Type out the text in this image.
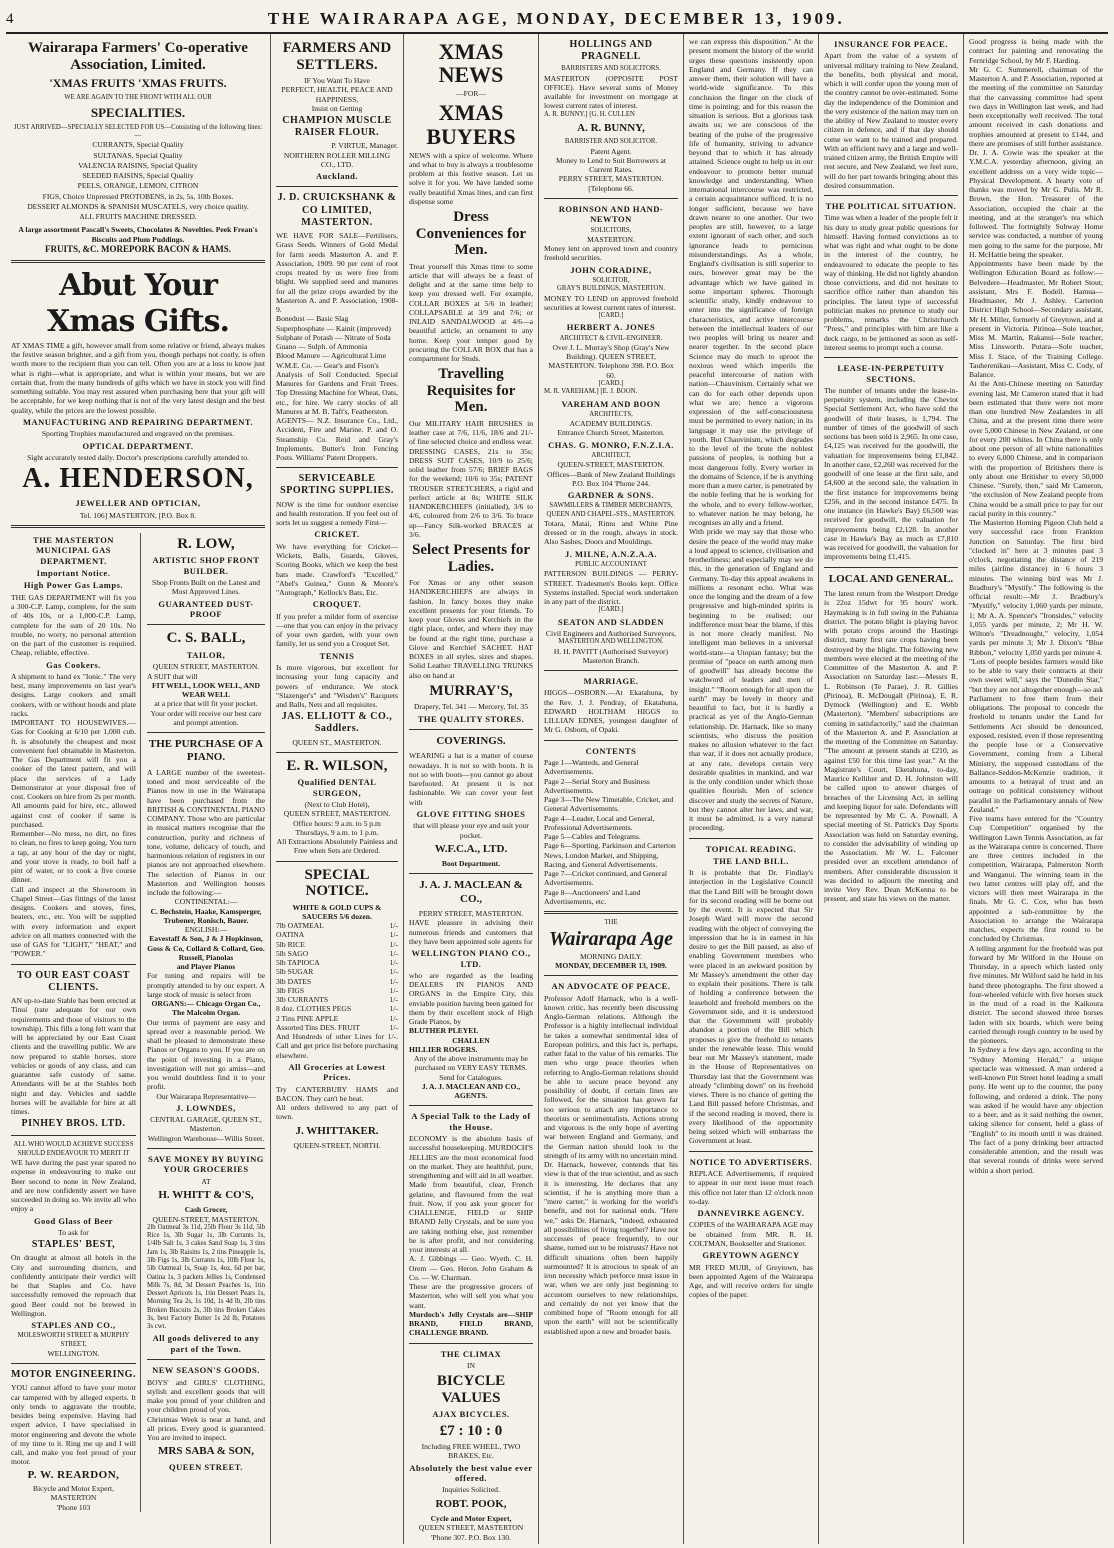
4	THE WAIRARAPA AGE, MONDAY, DECEMBER 13, 1909.
Wairarapa Farmers' Co-operative Association, Limited.
'XMAS FRUITS 'XMAS FRUITS.
WE ARE AGAIN TO THE FRONT WITH ALL OUR
SPECIALITIES.
JUST ARRIVED—SPECIALLY SELECTED FOR US—Consisting of the following lines:—
CURRANTS, Special Quality
SULTANAS, Special Quality
VALENCIA RAISINS, Special Quality
SEEDED RAISINS, Special Quality
PEELS, ORANGE, LEMON, CITRON
FIGS, Choice Unpressed PROTOBENS, in 2s, 5s, 10lb Boxes.
DESSERT ALMONDS & SPANISH MUSCATELS, very choice quality.
ALL FRUITS MACHINE DRESSED.
A large assortment Pascall's Sweets, Chocolates & Novelties. Peek Frean's Biscuits and Plum Puddings.
FRUITS, &C. MOREPORK BACON & HAMS.
Abut Your Xmas Gifts.
AT XMAS TIME a gift, however small from some relative or friend, always makes the festive season brighter, and a gift from you, though perhaps not costly, is often worth more to the recipient than you can tell. Often you are at a loss to know just what is right—what is appropriate, and what is within your means, but we are certain that, from the many hundreds of gifts which we have in stock you will find something suitable. You may rest assured when purchasing here that your gift will be acceptable, for we keep nothing that is not of the very latest design and the best quality, while the prices are the lowest possible.
MANUFACTURING AND REPAIRING DEPARTMENT.
Sporting Trophies manufactured and engraved on the premises.
OPTICAL DEPARTMENT.
Sight accurately tested daily. Doctor's prescriptions carefully attended to.
A. HENDERSON,
JEWELLER AND OPTICIAN,
Tel. 106] MASTERTON, [P.O. Box 8.
THE MASTERTON MUNICIPAL GAS DEPARTMENT.
Important Notice.
High Power Gas Lamps.
THE GAS DEPARTMENT will fix you a 300-C.P. Lamp, complete, for the sum of 40s 10s, or a 1,000-C.P. Lamp, complete for the sum of 20 10s. No trouble, no worry, no personal attention on the part of the customer is required. Cheap, reliable, effective.
Gas Cookers.
A shipment to hand ex "Ionic." The very best, many improvements on last year's designs. Large cookers and small cookers, with or without hoods and plate racks.
IMPORTANT TO HOUSEWIVES.—Gas for Cooking at 6/10 per 1,000 cub. ft. is absolutely the cheapest and most convenient fuel obtainable in Masterton. The Gas Department will fit you a cooker of the latest pattern, and will place the services of a Lady Demonstrator at your disposal free of cost. Cookers on hire from 2s per month. All amounts paid for hire, etc., allowed against cost of cooker if same is purchased.
Remember—No mess, no dirt, no fires to clean, no fires to keep going. You turn a tap, at any hour of the day or night, and your stove is ready, to boil half a pint of water, or to cook a five course dinner.
Call and inspect at the Showroom in Chapel Street—Gas fittings of the latest designs. Cookers and stoves, fires, heaters, etc., etc. You will be supplied with every information and expert advice on all matters connected with the use of GAS for "LIGHT," "HEAT," and "POWER."
TO OUR EAST COAST CLIENTS.
AN up-to-date Stable has been erected at Tinui (rate adequate for our own requirements and those of visitors to the township). This fills a long felt want that will be appreciated by our East Coast clients and the travelling public. We are now prepared to stable horses, store vehicles or goods of any class, and can guarantee safe custody of same. Attendants will be at the Stables both night and day. Vehicles and saddle horses will be available for hire at all times.
PINHEY BROS. LTD.
ALL WHO WOULD ACHIEVE SUCCESS SHOULD ENDEAVOUR TO MERIT IT
WE have during the past year spared no expense in endeavouring to make our Beer second to none in New Zealand, and are now confidently assert we have succeeded in doing so. We invite all who enjoy a
Good Glass of Beer
To ask for
STAPLES' BEST,
On draught at almost all hotels in the City and surrounding districts, and confidently anticipate their verdict will be that Staples and Co. have successfully removed the reproach that good Beer could not be brewed in Wellington.
STAPLES AND CO.,
MOLESWORTH STREET & MURPHY STREET,
WELLINGTON.
MOTOR ENGINEERING.
YOU cannot afford to have your motor car tampered with by alleged experts. It only tends to aggravate the trouble, besides being expensive. Having had expert advice, I have specialised in motor engineering and devote the whole of my time to it. Ring me up and I will call, and make you feel proud of your motor.
P. W. REARDON,
Bicycle and Motor Expert, MASTERTON
'Phone 103
R. LOW,
ARTISTIC SHOP FRONT BUILDER.
Shop Fronts Built on the Latest and Most Approved Lines.
GUARANTEED DUST-PROOF
C. S. BALL,
TAILOR,
QUEEN STREET, MASTERTON.
A SUIT that will
FIT WELL, LOOK WELL, AND WEAR WELL
at a price that will fit your pocket.
Your order will receive our best care and prompt attention.
THE PURCHASE OF A PIANO.
A LARGE number of the sweetest-toned and most serviceable of the Pianos now in use in the Wairarapa have been purchased from the BRITISH & CONTINENTAL PIANO COMPANY. Those who are particular in musical matters recognise that the construction, purity and richness of tone, volume, delicacy of touch, and harmonious relation of registers in our pianos are not approached elsewhere. The selection of Pianos in our Masterton and Wellington houses include the following:—
CONTINENTAL:—
C. Bechstein, Haake, Kamsperger, Trubener, Ronisch, Bauer.
ENGLISH:—
Eavestaff & Son, J & J Hopkinson, Goss & Co, Collard & Collard, Geo. Russell, Pianolas
and Player Pianos
For tuning and repairs will be promptly attended to by our expert. A large stock of music is select from
ORGANS:— Chicago Organ Co., The Malcolm Organ.
Our terms of payment are easy and spread over a reasonable period. We shall be pleased to demonstrate these Pianos or Organs to you. If you are on the point of investing in a Piano, investigation will not go amiss—and you would doubtless find it to your profit.
Our Wairarapa Representative—
J. LOWNDES,
CENTRAL GARAGE, QUEEN ST., Masterton.
Wellington Warehouse—Willis Street.
SAVE MONEY BY BUYING YOUR GROCERIES
AT
H. WHITT & CO'S,
Cash Grocer,
QUEEN-STREET, MASTERTON.
2lb Oatmeal 3s 11d, 25lb Flour 3s 11d, 5lb Rice 1s, 3lb Sugar 1s, 3lb Currants 1s, 1/4lb Salt 1s, 3 cakes Sand Soap 1s, 3 tins Jam 1s, 3lb Raisins 1s, 2 tins Pineapple 1s, 3lb Figs 1s, 3lb Currants 1s, 10lb Flour 1s, 5lb Oatmeal 1s, Soap 1s, 4oz, 6d per bar, Oatina 1s, 3 packets Jellies 1s, Condensed Milk 7s, 8d, 3d Dessert Peaches 1s, 1tin Dessert Apricots 1s, 1tin Dessert Pears 1s, Morning Tea 2s, 1s 10d, 1s 4d lb, 2lb tins Broken Biscuits 2s, 3lb tins Broken Cakes 3s, best Factory Butter 1s 2d lb, Potatoes 3s cwt.
All goods delivered to any part of the Town.
NEW SEASON'S GOODS.
BOYS' and GIRLS' CLOTHING, stylish and excellent goods that will make you proud of your children and your children proud of you.
Christmas Week is near at hand, and all prices. Every good is guaranteed. You are invited to inspect.
MRS SABA & SON,
QUEEN STREET.
FARMERS AND SETTLERS.
IF You Want To Have
PERFECT, HEALTH, PEACE AND HAPPINESS,
Insist on Getting
CHAMPION MUSCLE RAISER FLOUR.
P. VIRTUE, Manager.
NORTHERN ROLLER MILLING CO., LTD.
Auckland.
J. D. CRUICKSHANK & CO LIMITED, MASTERTON.
WE HAVE FOR SALE—Fertilisers, Grass Seeds. Winners of Gold Medal for farm seeds Masterton A. and P. Association, 1909. 90 per cent of root crops treated by us were free from blight. We supplied seed and manures for all the prize crops awarded by the Masterton A. and P. Association, 1908-9.
Bonedust — Basic Slag
Superphosphate — Kainit (improved)
Sulphate of Potash — Nitrate of Soda
Guano — Sulph. of Ammonia
Blood Manure — Agricultural Lime
W.M.E. Co. — Gear's and Fison's
Analysis of Soil Conducted. Special Manures for Gardens and Fruit Trees. Top Dressing Machine for Wheat, Oats, etc., for hire. We carry stocks of all Manures at M. B. Taft's, Featherston.
AGENTS— N.Z. Insurance Co., Ltd., Accident, Fire and Marine. P. and O. Steamship Co. Reid and Gray's Implements. Butter's Iron Fencing Posts. Williams' Patent Droppers.
SERVICEABLE SPORTING SUPPLIES.
NOW is the time for outdoor exercise and health restoration. If you feel out of sorts let us suggest a remedy First—
CRICKET.
We have everything for Cricket—Wickets, Balls, Guards, Gloves, Scoring Books, which we keep the best bats made. Crawford's "Excelled," "Abel's Guinea," Gunn & Moore's "Autograph," Kellock's Bats, Etc.
CROQUET.
If you prefer a milder form of exercise—one that you can enjoy in the privacy of your own garden, with your own family, let us send you a Croquet Set.
TENNIS
Is more vigorous, but excellent for increasing your lung capacity and powers of endurance. We stock "Slazenger's" and "Wisden's" Racquets and Balls, Nets and all requisites.
JAS. ELLIOTT & CO., Saddlers.
QUEEN ST., MASTERTON.
E. R. WILSON,
Qualified DENTAL SURGEON,
(Next to Club Hotel),
QUEEN STREET, MASTERTON.
Office hours: 9 a.m. to 5 p.m Thursdays, 9 a.m. to 1 p.m.
All Extractions Absolutely Painless and Free when Sets are Ordered.
SPECIAL NOTICE.
WHITE & GOLD CUPS & SAUCERS 5/6 dozen.
7lb OATMEAL	1/-
OATINA	1/-
5lb RICE	1/-
5lb SAGO	1/-
5lb TAPIOCA	1/-
5lb SUGAR	1/-
3lb DATES	1/-
3lb FIGS	1/-
3lb CURRANTS	1/-
8 doz. CLOTHES PEGS	1/-
2 Tins PINE APPLE	1/-
Assorted Tins DES. FRUIT	1/-
And Hundreds of other Lines for 1/-. Call and get price list before purchasing elsewhere.
All Groceries at Lowest Prices.
Try CANTERBURY HAMS and BACON. They can't be beat.
All orders delivered to any part of town.
J. WHITTAKER.
QUEEN-STREET, NORTH.
XMAS NEWS
—FOR—
XMAS BUYERS
NEWS with a spice of welcome. Where and what to buy is always a troublesome problem at this festive season. Let us solve it for you. We have landed some really beautiful Xmas lines, and can first dispense some
Dress Conveniences for Men.
Treat yourself this Xmas time to some article that will always be a feast of delight and at the same time help to keep you dressed well. For example, COLLAR BOXES at 5/6 in leather; COLLAPSABLE at 3/9 and 7/6; or INLAID SANDALWOOD at 4/6—a beautiful article, an ornament to any home. Keep your temper good by procuring the COLLAR BOX that has a compartment for Studs.
Travelling Requisites for Men.
Our MILITARY HAIR BRUSHES in leather case at 7/6, 11/6, 18/6 and 21/- of fine selected choice and endless wear. DRESSING CASES, 21s to 35s; DRESS SUIT CASES, 10/9 to 25/6; solid leather from 57/6; BRIEF BAGS for the weekend; 10/6 to 35s; PATENT TROUSER STRETCHERS, a rigid and perfect article at 8s; WHITE SILK HANDKERCHIEFS (initialled), 3/6 to 4/6, coloured from 2/6 to 3/6. To brace up—Fancy Silk-worked BRACES at 3/6.
Select Presents for Ladies.
For Xmas or any other season HANDKERCHIEFS are always in fashion. In fancy boxes they make excellent presents for your friends. To keep your Gloves and Kerchiefs in the right place, order, and where they may be found at the right time, purchase a Glove and Kerchief SACHET. HAT BOXES in all styles, sizes and shapes. Solid Leather TRAVELLING TRUNKS also on hand at
MURRAY'S,
Drapery, Tel. 341 — Mercery, Tel. 35
THE QUALITY STORES.
COVERINGS.
WEARING a hat is a matter of course nowadays. It is not so with boots. It is not so with boots—you cannot go about barefooted. At present it is not fashionable. We can cover your feet with
GLOVE FITTING SHOES
that will please your eye and suit your pocket.
W.F.C.A., LTD.
Boot Department.
J. A. J. MACLEAN & CO.,
PERRY STREET, MASTERTON.
HAVE pleasure in advising their numerous friends and customers that they have been appointed sole agents for
WELLINGTON PIANO CO., LTD.
who are regarded as the leading DEALERS IN PIANOS AND ORGANS in the Empire City, this enviable position having been gained for them by their excellent stock of High Grade Pianos, by
BLUTHER PLEYEL
CHALLEN
HILLIER ROGERS.
Any of the above instruments may be purchased on VERY EASY TERMS.
Send for Catalogues.
J. A. J. MACLEAN AND CO., AGENTS.
A Special Talk to the Lady of the House.
ECONOMY is the absolute basis of successful housekeeping. MURDOCH'S JELLIES are the most economical food on the market. They are healthful, pure, strengthening and will aid in all weather. Made from beautiful, clear, French gelatine, and flavoured from the real fruit. Now, if you ask your grocer for CHALLENGE, FIELD or SHIP BRAND Jelly Crystals, and be sure you are taking nothing else, just remember he is after profit, and not considering your interests at all.
A. J. Gibbings — Geo. Wyeth. C. H. Orem — Geo. Heron. John Graham & Co. — W. Charman.
These are the progressive grocers of Masterton, who will sell you what you want.
Murdoch's Jelly Crystals are—SHIP BRAND, FIELD BRAND, CHALLENGE BRAND.
THE CLIMAX
IN
BICYCLE VALUES
AJAX BICYCLES.
£7 : 10 : 0
Including FREE WHEEL, TWO BRAKES, Etc.
Absolutely the best value ever offered.
Inquiries Solicited.
ROBT. POOK,
Cycle and Motor Expert,
QUEEN STREET, MASTERTON
'Phone 307. P.O. Box 130.
HOLLINGS AND PRAGNELL
BARRISTERS AND SOLICITORS.
MASTERTON (OPPOSITE POST OFFICE). Have several sums of Money available for investment on mortgage at lowest current rates of interest.
A. R. BUNNY.] [G. H. CULLEN
A. R. BUNNY,
BARRISTER AND SOLICITOR.
Patent Agent.
Money to Lend to Suit Borrowers at Current Rates.
PERRY STREET, MASTERTON. [Telephone 66.
ROBINSON AND HAND-NEWTON
SOLICITORS,
MASTERTON.
Money lent on approved town and country freehold securities.
JOHN CORADINE,
SOLICITOR,
GRAY'S BUILDINGS, MASTERTON.
MONEY TO LEND on approved freehold securities at lowest current rates of interest.
[CARD.]
HERBERT A. JONES
ARCHITECT & CIVIL-ENGINEER.
Over J. L. Murray's Shop (Gray's New Building). QUEEN STREET, MASTERTON. Telephone 398. P.O. Box 60.
[CARD.]
M. R. VAREHAM.] [E. J. BOON.
VAREHAM AND BOON
ARCHITECTS,
ACADEMY BUILDINGS.
Entrance Church Street, Masterton.
CHAS. G. MONRO, F.N.Z.I.A.
ARCHITECT,
QUEEN-STREET, MASTERTON.
Offices—Bank of New Zealand Buildings P.O. Box 104 'Phone 244.
GARDNER & SONS.
SAWMILLERS & TIMBER MERCHANTS,
QUEEN AND CHAPEL-STS., MASTERTON.
Totara, Matai, Rimu and White Pine dressed or in the rough, always in stock. Also Sashes, Doors and Mouldings.
J. MILNE, A.N.Z.A.A.
PUBLIC ACCOUNTANT
PATTERSON BUILDINGS — PERRY-STREET. Tradesmen's Books kept. Office Systems installed. Special work undertaken in any part of the district.
[CARD.]
SEATON AND SLADDEN
Civil Engineers and Authorised Surveyors,
MASTERTON AND WELLINGTON.
H. H. PAVITT (Authorised Surveyor) Masterton Branch.
MARRIAGE.
HIGGS—OSBORN.—At Ekatahuna, by the Rev. J. J. Pendray, of Ekatahuna, EDWARD HOLTHAM HIGGS to LILLIAN EDNES, youngest daughter of Mr G. Osborn, of Opaki.
CONTENTS
Page 1—Wanteds, and General Advertisements.
Page 2—Serial Story and Business Advertisements.
Page 3—The New Timetable, Cricket, and General Advertisements.
Page 4—Leader, Local and General, Professional Advertisements.
Page 5—Cables and Telegrams.
Page 6—Sporting, Parkinson and Carterton News, London Market, and Shipping, Racing, and General Advertisements.
Page 7—Cricket continued, and General Advertisements.
Page 8—Auctioneers' and Land Advertisements, etc.
THE
Wairarapa Age
MORNING DAILY.
MONDAY, DECEMBER 13, 1909.
AN ADVOCATE OF PEACE.
Professor Adolf Harnack, who is a well-known critic, has recently been discussing Anglo-German relations. Although the Professor is a highly intellectual individual he takes a somewhat sentimental idea of European politics, and this fact is, perhaps, rather fatal to the value of his remarks. The men who urge peace theories when referring to Anglo-German relations should be able to secure peace beyond any possibility of doubt, if certain lines are followed, for the situation has grown far too serious to attach any importance to theorists or sentimentalists. Actions strong and vigorous is the only hope of averting war between England and Germany, and the German nation should look to the strength of its army with no uncertain mind. Dr. Harnack, however, contends that his view is that of the true scientist, and as such it is interesting. He declares that any scientist, if he is anything more than a "mere carter," is working for the world's benefit, and not for national ends. "Here we," asks Dr. Harnack, "indeed, exhausted all possibilities of living together? Have not successes of peace frequently, to our shame, turned out to be mistrusts? Have not difficult situations often been happily surmounted? It is atrocious to speak of an iron necessity which perforce must issue in war, when we are only just beginning to accustom ourselves to new relationships, and certainly do not yet know that the combined hope of "Room enough for all upon the earth" will not be scientifically established upon a new and broader basis.
we can express this disposition." At the present moment the history of the world urges these questions insistently upon England and Germany. If they can answer them, their solution will have a world-wide significance. To this conclusion the finger on the clock of time is pointing; and for this reason the situation is serious. But a glorious task awaits us; we are conscious of the beating of the pulse of the progressive life of humanity, striving to advance beyond that to which it has already attained. Science ought to help us in our endeavour to promote better mutual knowledge and understanding. When international intercourse was restricted, a certain acquaintance sufficed. It is no longer sufficient, because we have drawn nearer to one another. Our two peoples are still, however, to a large extent ignorant of each other, and such ignorance leads to pernicious misunderstandings. As a whole, England's civilisation is still superior to ours, however great may be the advantage which we have gained in some important spheres. Thorough scientific study, kindly endeavour to enter into the significance of foreign characteristics, and active intercourse between the intellectual leaders of our two peoples will bring us nearer and nearer together. In the second place Science may do much to uproot the noxious weed which imperils the peaceful intercourse of nation with nation—Chauvinism. Certainly what we can do for each other depends upon what we are; hence a vigorous expression of the self-consciousness must be permitted to every nation; in its language it may use the privilege of youth. But Chauvinism, which degrades to the level of the brute the noblest passions of peoples, is nothing but a most dangerous folly. Every worker in the domains of Science, if he is anything more than a mere carter, is penetrated by the noble feeling that he is working for the whole, and to every fellow-worker, to whatever nation he may belong, he recognises an ally and a friend.
With pride we may say that those who desire the peace of the world may make a loud appeal to science, civilisation and brotherliness; and especially may we do this, in the generation of England and Germany. To-day this appeal awakens in millions a resonant echo. What was once the longing and the dream of a few progressive and high-minded spirits is beginning to be realised; our indifference must bear the blame, if this is not more clearly manifest. No intelligent man believes in a universal world-state—a Utopian fantasy; but the promise of "peace on earth among men of goodwill" has already become the watchword of leaders and men of insight." "Room enough for all upon the earth" may be lovely in theory and beautiful to fact, but it is hardly a practical as yet of the Anglo-German relationship. Dr. Harnack, like so many scientists, who discuss the position makes no allusion whatever to the fact that war, if it does not actually produce, at any rate, develops certain very desirable qualities in mankind, and war is the only condition under which those qualities flourish. Men of science discover and study the secrets of Nature, but they cannot alter her laws, and war, it must be admitted, is a very natural proceeding.
TOPICAL READING.
THE LAND BILL.
It is probable that Dr. Findlay's interjection in the Legislative Council that the Land Bill will be brought down for its second reading will be borne out by the event. It is expected that Sir Joseph Ward will move the second reading with the object of conveying the impression that he is in earnest in his desire to get the Bill passed, as also of enabling Government members who were placed in an awkward position by Mr Massey's amendment the other day to explain their positions. There is talk of holding a conference between the leasehold and freehold members on the Government side, and it is understood that the Government will probably abandon a portion of the Bill which proposes to give the freehold to tenants under the renewable lease. This would bear out Mr Massey's statement, made in the House of Representatives on Thursday last that the Government was already "climbing down" on its freehold views. There is no chance of getting the Land Bill passed before Christmas, and if the second reading is moved, there is every likelihood of the opportunity being seized which will embarrass the Government at least.
NOTICE TO ADVERTISERS.
REPLACE Advertisements, if required to appear in our next issue must reach this office not later than 12 o'clock noon to-day.
DANNEVIRKE AGENCY.
COPIES of the WAIRARAPA AGE may be obtained from MR. R. H. COLTMAN, Bookseller and Stationer.
GREYTOWN AGENCY
MR FRED MUIR, of Greytown, has been appointed Agent of the Wairarapa Age, and will receive orders for single copies of the paper.
INSURANCE FOR PEACE.
Apart from the value of a system of universal military training to New Zealand, the benefits, both physical and moral, which it will confer upon the young men of the country cannot be over-estimated. Some day the independence of the Dominion and the very existence of the nation may turn on the ability of New Zealand to muster every citizen in defence, and if that day should come we want to be trained and prepared. With an efficient navy and a large and well-trained citizen army, the British Empire will rest secure, and New Zealand, we feel sure, will do her part towards bringing about this desired consummation.
THE POLITICAL SITUATION.
Time was when a leader of the people felt it his duty to study great public questions for himself. Having formed convictions as to what was right and what ought to be done in the interest of the country, he endeavoured to educate the people to his way of thinking. He did not lightly abandon those convictions, and did not hesitate to sacrifice office rather than abandon his principles. The latest type of successful politician makes no pretence to study our problems, remarks the Christchurch "Press," and principles with him are like a deck cargo, to be jettisoned as soon as self-interest seems to prompt such a course.
LEASE-IN-PERPETUITY SECTIONS.
The number of tenants under the lease-in-perpetuity system, including the Cheviot Special Settlement Act, who have sold the goodwill of their leases, is 1,794. The number of times of the goodwill of such sections has been sold is 2,965. In one case, £4,125 was received for the goodwill, the valuation for improvements being £1,842. In another case, £2,260 was received for the goodwill of one lease at the first sale, and £4,600 at the second sale, the valuation in the first instance for improvements being £256, and in the second instance £475. In one instance (in Hawke's Bay) £6,500 was received for goodwill, the valuation for improvements being £2,128. In another case in Hawke's Bay as much as £7,810 was received for goodwill, the valuation for improvements being £1,415.
LOCAL AND GENERAL.
The latest return from the Westport Dredge is 22oz 15dwt for 95 hours' work. Haymaking is in full swing in the Pahiatua district. The potato blight is playing havoc with potato crops around the Hastings district, many first rate crops having been destroyed by the blight. The following new members were elected at the meeting of the Committee of the Masterton A. and P. Association on Saturday last:—Messrs R. L. Robinson (Te Parae), J. R. Gillies (Pirinoa), R. McDougall (Pirinoa), E. R. Dymock (Wellington) and E. Webb (Masterton). "Members' subscriptions are coming in satisfactorily," said the chairman of the Masterton A. and P. Association at the meeting of the Committee on Saturday. "The amount at present stands at £210, as against £50 for this time last year." At the Magistrate's Court, Eketahuna, to-day, Maurice Kelliher and D. H. Johnston will be called upon to answer charges of breaches of the Licensing Act, in selling and keeping liquor for sale. Defendants will be represented by Mr C. A. Pownall. A special meeting of St. Patrick's Day Sports Association was held on Saturday evening, to consider the advisability of winding up the Association. Mr W. L. Falconer presided over an excellent attendance of members. After considerable discussion it was decided to adjourn the meeting and invite Very Rev. Dean McKenna to be present, and state his views on the matter.
Good progress is being made with the contract for painting and renovating the Fernridge School, by Mr F. Harding.
Mr G. C. Summerell, chairman of the Masterton A. and P. Association, reported at the meeting of the committee on Saturday that the canvassing committee had spent two days in Wellington last week, and had been exceptionally well received. The total amount received in cash donations and trophies amounted at present to £144, and there are promises of still further assistance.
Dr. J. A. Cowie was the speaker at the Y.M.C.A. yesterday afternoon, giving an excellent address on a very wide topic—Physical Development. A hearty vote of thanks was moved by Mr G. Pulis. Mr R. Brown, the Hon. Treasurer of the Association, occupied the chair at the meeting, and at the stranger's tea which followed. The fortnightly Subway Home service was conducted, a number of young men going to the same for the purpose, Mr H. McHattie being the speaker.
Appointments have been made by the Wellington Education Board as follow:—Belvedere—Headmaster, Mr Robert Stout; assistant, Mrs F. Bodell. Hamua—Headmaster, Mr J. Ashley. Carterton District High School—Secondary assistant, Mr H. Miller, formerly of Greytown, and at present in Victoria. Pirinoa—Sole teacher, Miss M. Martin, Rakanui—Sole teacher, Miss Linsworth. Putara—Sole teacher, Miss I. Stace, of the Training College. Tauherenikau—Assistant, Miss C. Cody, of Balance.
At the Anti-Chinese meeting on Saturday evening last, Mr Cameron stated that it had been estimated that there were not more than one hundred New Zealanders in all China, and at the present time there were over 5,000 Chinese in New Zealand, or one for every 200 whites. In China there is only about one person of all white nationalities to every 6,000 Chinese, and in comparison with the proportion of Britishers there is only about one Britisher to every 50,000 Chinese. "Surely, then," said Mr Cameron, "the exclusion of New Zealand people from China would be a small price to pay for our racial purity in this country."
The Masterton Homing Pigeon Club held a very successful race from Frankton Junction on Saturday. The first bird "clocked in" here at 3 minutes past 3 o'clock, negotiating the distance of 219 miles (airline distance) in 6 hours 3 minutes. The winning bird was Mr J. Bradbury's "Mystify." The following is the official result:—Mr J. Bradbury's "Mystify," velocity 1,060 yards per minute, 1; Mr A. A. Spencer's "Ironsides," velocity 1,055 yards per minute, 2; Mr H. W. Wilton's "Dreadnought," velocity, 1,054 yards per minute 3; Mr J. Dixon's "Blue Ribbon," velocity 1,050 yards per minute 4.
"Lots of people besides farmers would like to be able to vary their contracts at their own sweet will," says the "Dunedin Star," "but they are not altogether enough—so ask Parliament to free them from their obligations. The proposal to concede the freehold to tenants under the Land for Settlements Act should be denounced, exposed, resisted, even if those representing the people lose or a Conservative Government, coming from a Liberal Ministry, the supposed custodians of the Ballance-Seddon-McKenzie tradition, it amounts to a betrayal of trust and an outrage on political consistency without parallel in the Parliamentary annals of New Zealand."
Five teams have entered for the "Country Cup Competition" organised by the Wellington Lawn Tennis Association, as far as the Wairarapa centre is concerned. There are three centres included in the competition, Wairarapa, Palmerston North and Wanganui. The winning team in the two latter centres will play off, and the victors will then meet Wairarapa in the finals. Mr G. C. Cox, who has been appointed a sub-committee by the Association to arrange the Wairarapa matches, expects the first round to be concluded by Christmas.
A telling argument for the freehold was put forward by Mr Wilford in the House on Thursday, in a speech which lasted only five minutes. Mr Wilford said he held in his hand three photographs. The first showed a four-wheeled vehicle with five horses stuck in the mud of a road in the Kaikoura district. The second showed three horses laden with six boards, which were being carried through rough country to be used by the pioneers.
In Sydney a few days ago, according to the "Sydney Morning Herald," a unique spectacle was witnessed. A man ordered a well-known Pitt Street hotel leading a small pony. He went up to the counter, the pony following, and ordered a drink. The pony was asked if he would have any objection to a beer, and as it said nothing the owner, taking silence for consent, held a glass of "English" to its mouth until it was drained. The fact of a pony drinking beer attracted considerable attention, and the result was that several rounds of drinks were served within a short period.
